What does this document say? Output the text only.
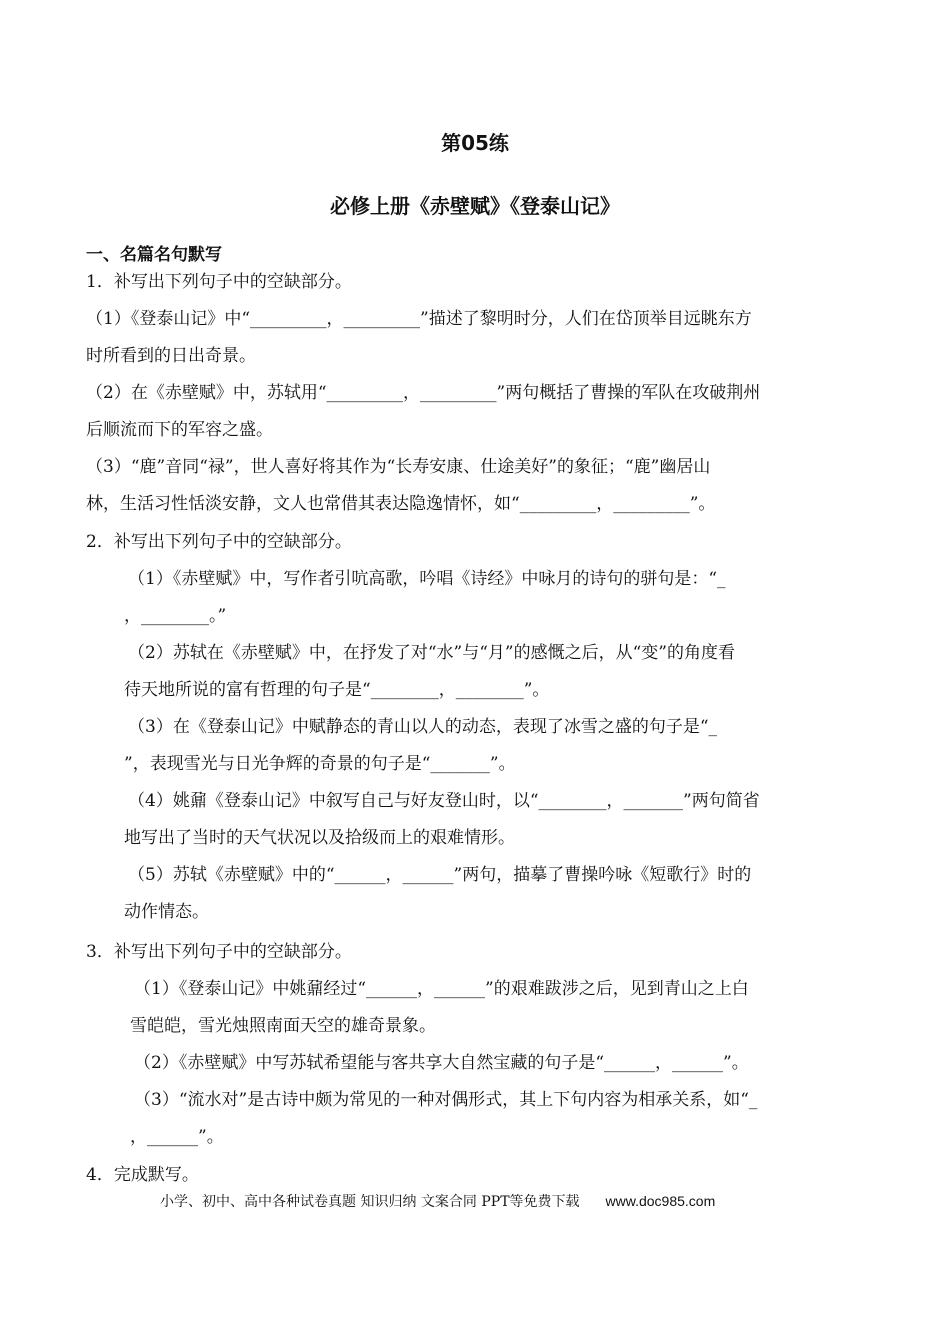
第05练
必修上册《赤壁赋》《登泰山记》
一、名篇名句默写
1．补写出下列句子中的空缺部分。
（1）《登泰山记》中“_________，_________”描述了黎明时分，人们在岱顶举目远眺东方
时所看到的日出奇景。
（2）在《赤壁赋》中，苏轼用“_________，_________”两句概括了曹操的军队在攻破荆州
后顺流而下的军容之盛。
（3）“鹿”音同“禄”，世人喜好将其作为“长寿安康、仕途美好”的象征；“鹿”幽居山
林，生活习性恬淡安静，文人也常借其表达隐逸情怀，如“_________，_________”。
2．补写出下列句子中的空缺部分。
（1）《赤壁赋》中，写作者引吭高歌，吟唱《诗经》中咏月的诗句的骈句是：“_
，________。”
（2）苏轼在《赤壁赋》中，在抒发了对“水”与“月”的感慨之后，从“变”的角度看
待天地所说的富有哲理的句子是“________，________”。
（3）在《登泰山记》中赋静态的青山以人的动态，表现了冰雪之盛的句子是“_
”，表现雪光与日光争辉的奇景的句子是“_______”。
（4）姚鼐《登泰山记》中叙写自己与好友登山时，以“________，_______”两句简省
地写出了当时的天气状况以及拾级而上的艰难情形。
（5）苏轼《赤壁赋》中的“______，______”两句，描摹了曹操吟咏《短歌行》时的
动作情态。
3．补写出下列句子中的空缺部分。
（1）《登泰山记》中姚鼐经过“______，______”的艰难跋涉之后，见到青山之上白
雪皑皑，雪光烛照南面天空的雄奇景象。
（2）《赤壁赋》中写苏轼希望能与客共享大自然宝藏的句子是“______，______”。
（3）“流水对”是古诗中颇为常见的一种对偶形式，其上下句内容为相承关系，如“_
，______”。
4．完成默写。
小学、初中、高中各种试卷真题 知识归纳 文案合同 PPT等免费下载 www.doc985.com
